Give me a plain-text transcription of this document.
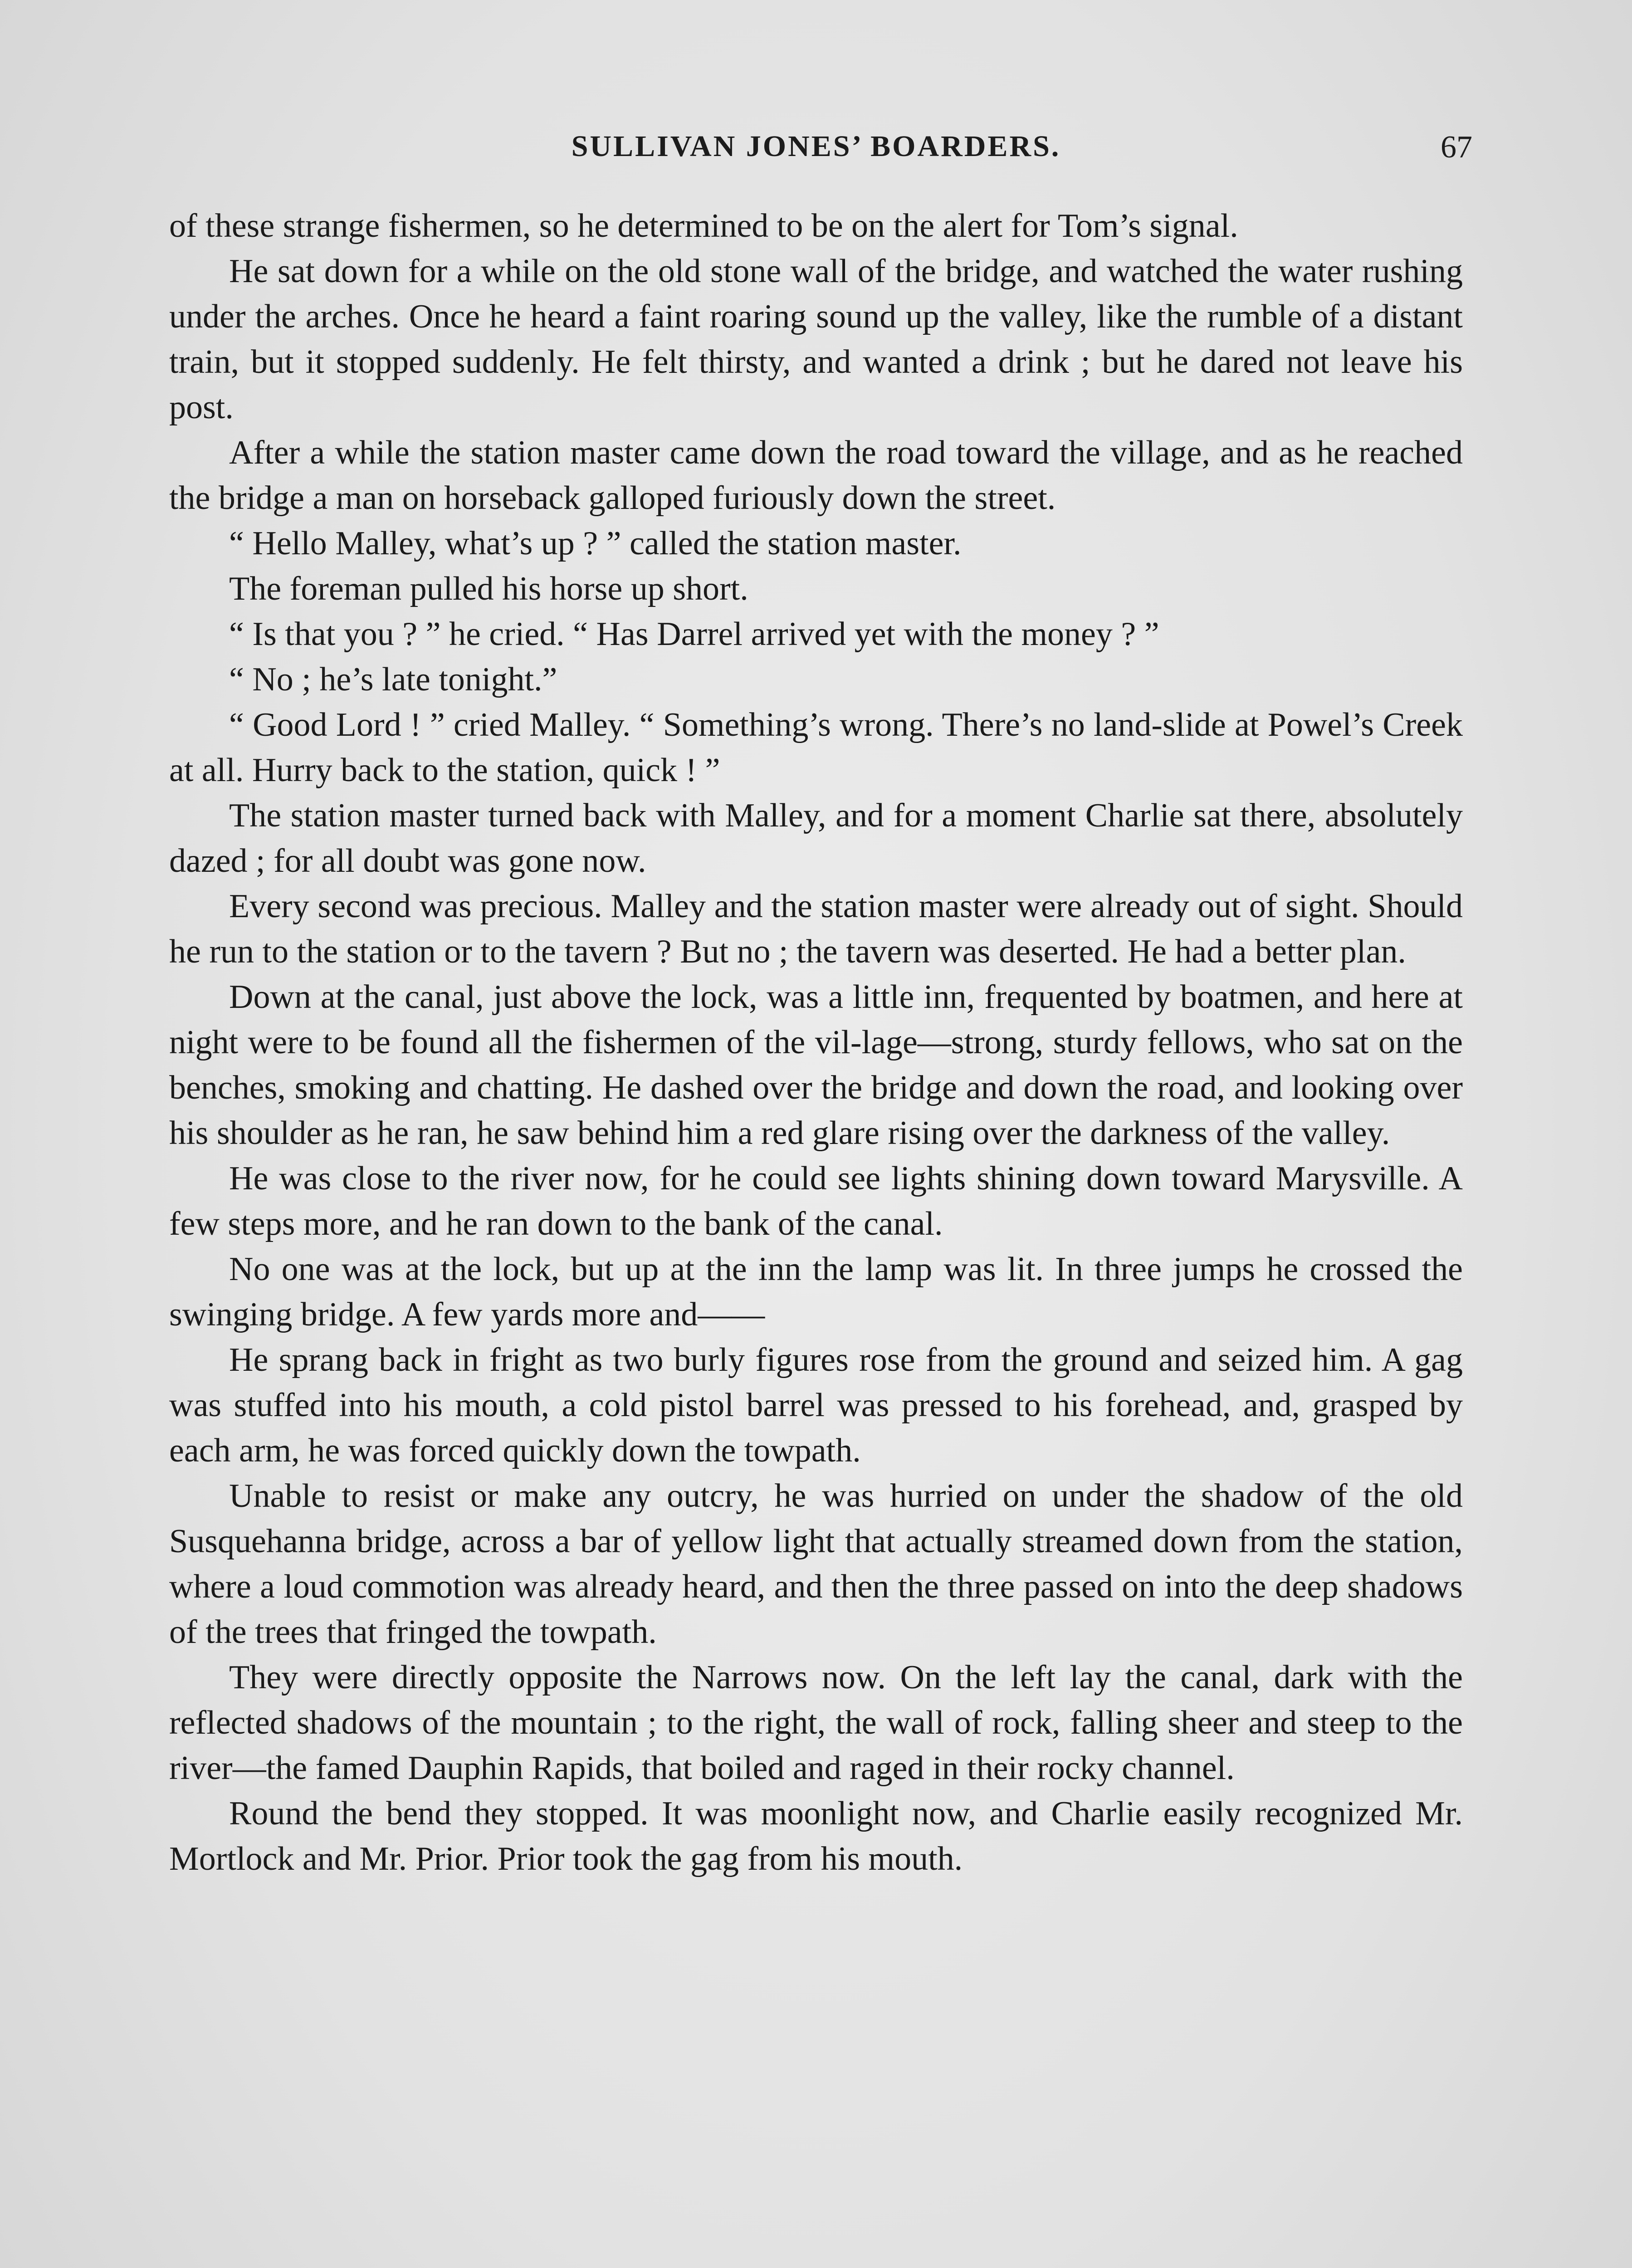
SULLIVAN JONES’ BOARDERS.	67

of these strange fishermen, so he determined to be on the alert for Tom’s signal.

He sat down for a while on the old stone wall of the bridge, and watched the water rushing under the arches. Once he heard a faint roaring sound up the valley, like the rumble of a distant train, but it stopped suddenly. He felt thirsty, and wanted a drink ; but he dared not leave his post.

After a while the station master came down the road toward the village, and as he reached the bridge a man on horseback galloped furiously down the street.

“ Hello Malley, what’s up ? ” called the station master.

The foreman pulled his horse up short.

“ Is that you ? ” he cried. “ Has Darrel arrived yet with the money ? ”

“ No ; he’s late tonight.”

“ Good Lord ! ” cried Malley. “ Something’s wrong. There’s no land-slide at Powel’s Creek at all. Hurry back to the station, quick ! ”

The station master turned back with Malley, and for a moment Charlie sat there, absolutely dazed ; for all doubt was gone now.

Every second was precious. Malley and the station master were already out of sight. Should he run to the station or to the tavern ? But no ; the tavern was deserted. He had a better plan.

Down at the canal, just above the lock, was a little inn, frequented by boatmen, and here at night were to be found all the fishermen of the vil-lage—strong, sturdy fellows, who sat on the benches, smoking and chatting. He dashed over the bridge and down the road, and looking over his shoulder as he ran, he saw behind him a red glare rising over the darkness of the valley.

He was close to the river now, for he could see lights shining down toward Marysville. A few steps more, and he ran down to the bank of the canal.

No one was at the lock, but up at the inn the lamp was lit. In three jumps he crossed the swinging bridge. A few yards more and——

He sprang back in fright as two burly figures rose from the ground and seized him. A gag was stuffed into his mouth, a cold pistol barrel was pressed to his forehead, and, grasped by each arm, he was forced quickly down the towpath.

Unable to resist or make any outcry, he was hurried on under the shadow of the old Susquehanna bridge, across a bar of yellow light that actually streamed down from the station, where a loud commotion was already heard, and then the three passed on into the deep shadows of the trees that fringed the towpath.

They were directly opposite the Narrows now. On the left lay the canal, dark with the reflected shadows of the mountain ; to the right, the wall of rock, falling sheer and steep to the river—the famed Dauphin Rapids, that boiled and raged in their rocky channel.

Round the bend they stopped. It was moonlight now, and Charlie easily recognized Mr. Mortlock and Mr. Prior. Prior took the gag from his mouth.
